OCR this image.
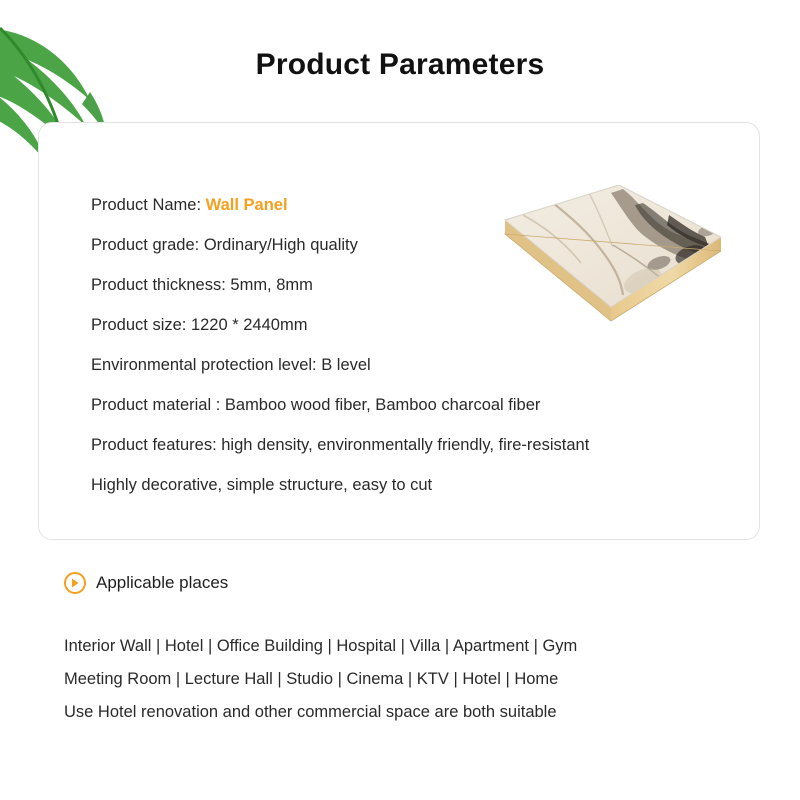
Product Parameters
Product Name: Wall Panel
Product grade: Ordinary/High quality
Product thickness: 5mm, 8mm
Product size: 1220 * 2440mm
Environmental protection level: B level
Product material : Bamboo wood fiber, Bamboo charcoal fiber
Product features: high density, environmentally friendly, fire-resistant
Highly decorative, simple structure, easy to cut
Applicable places
Interior Wall | Hotel | Office Building | Hospital | Villa | Apartment | Gym
Meeting Room | Lecture Hall | Studio | Cinema | KTV | Hotel | Home
Use Hotel renovation and other commercial space are both suitable
